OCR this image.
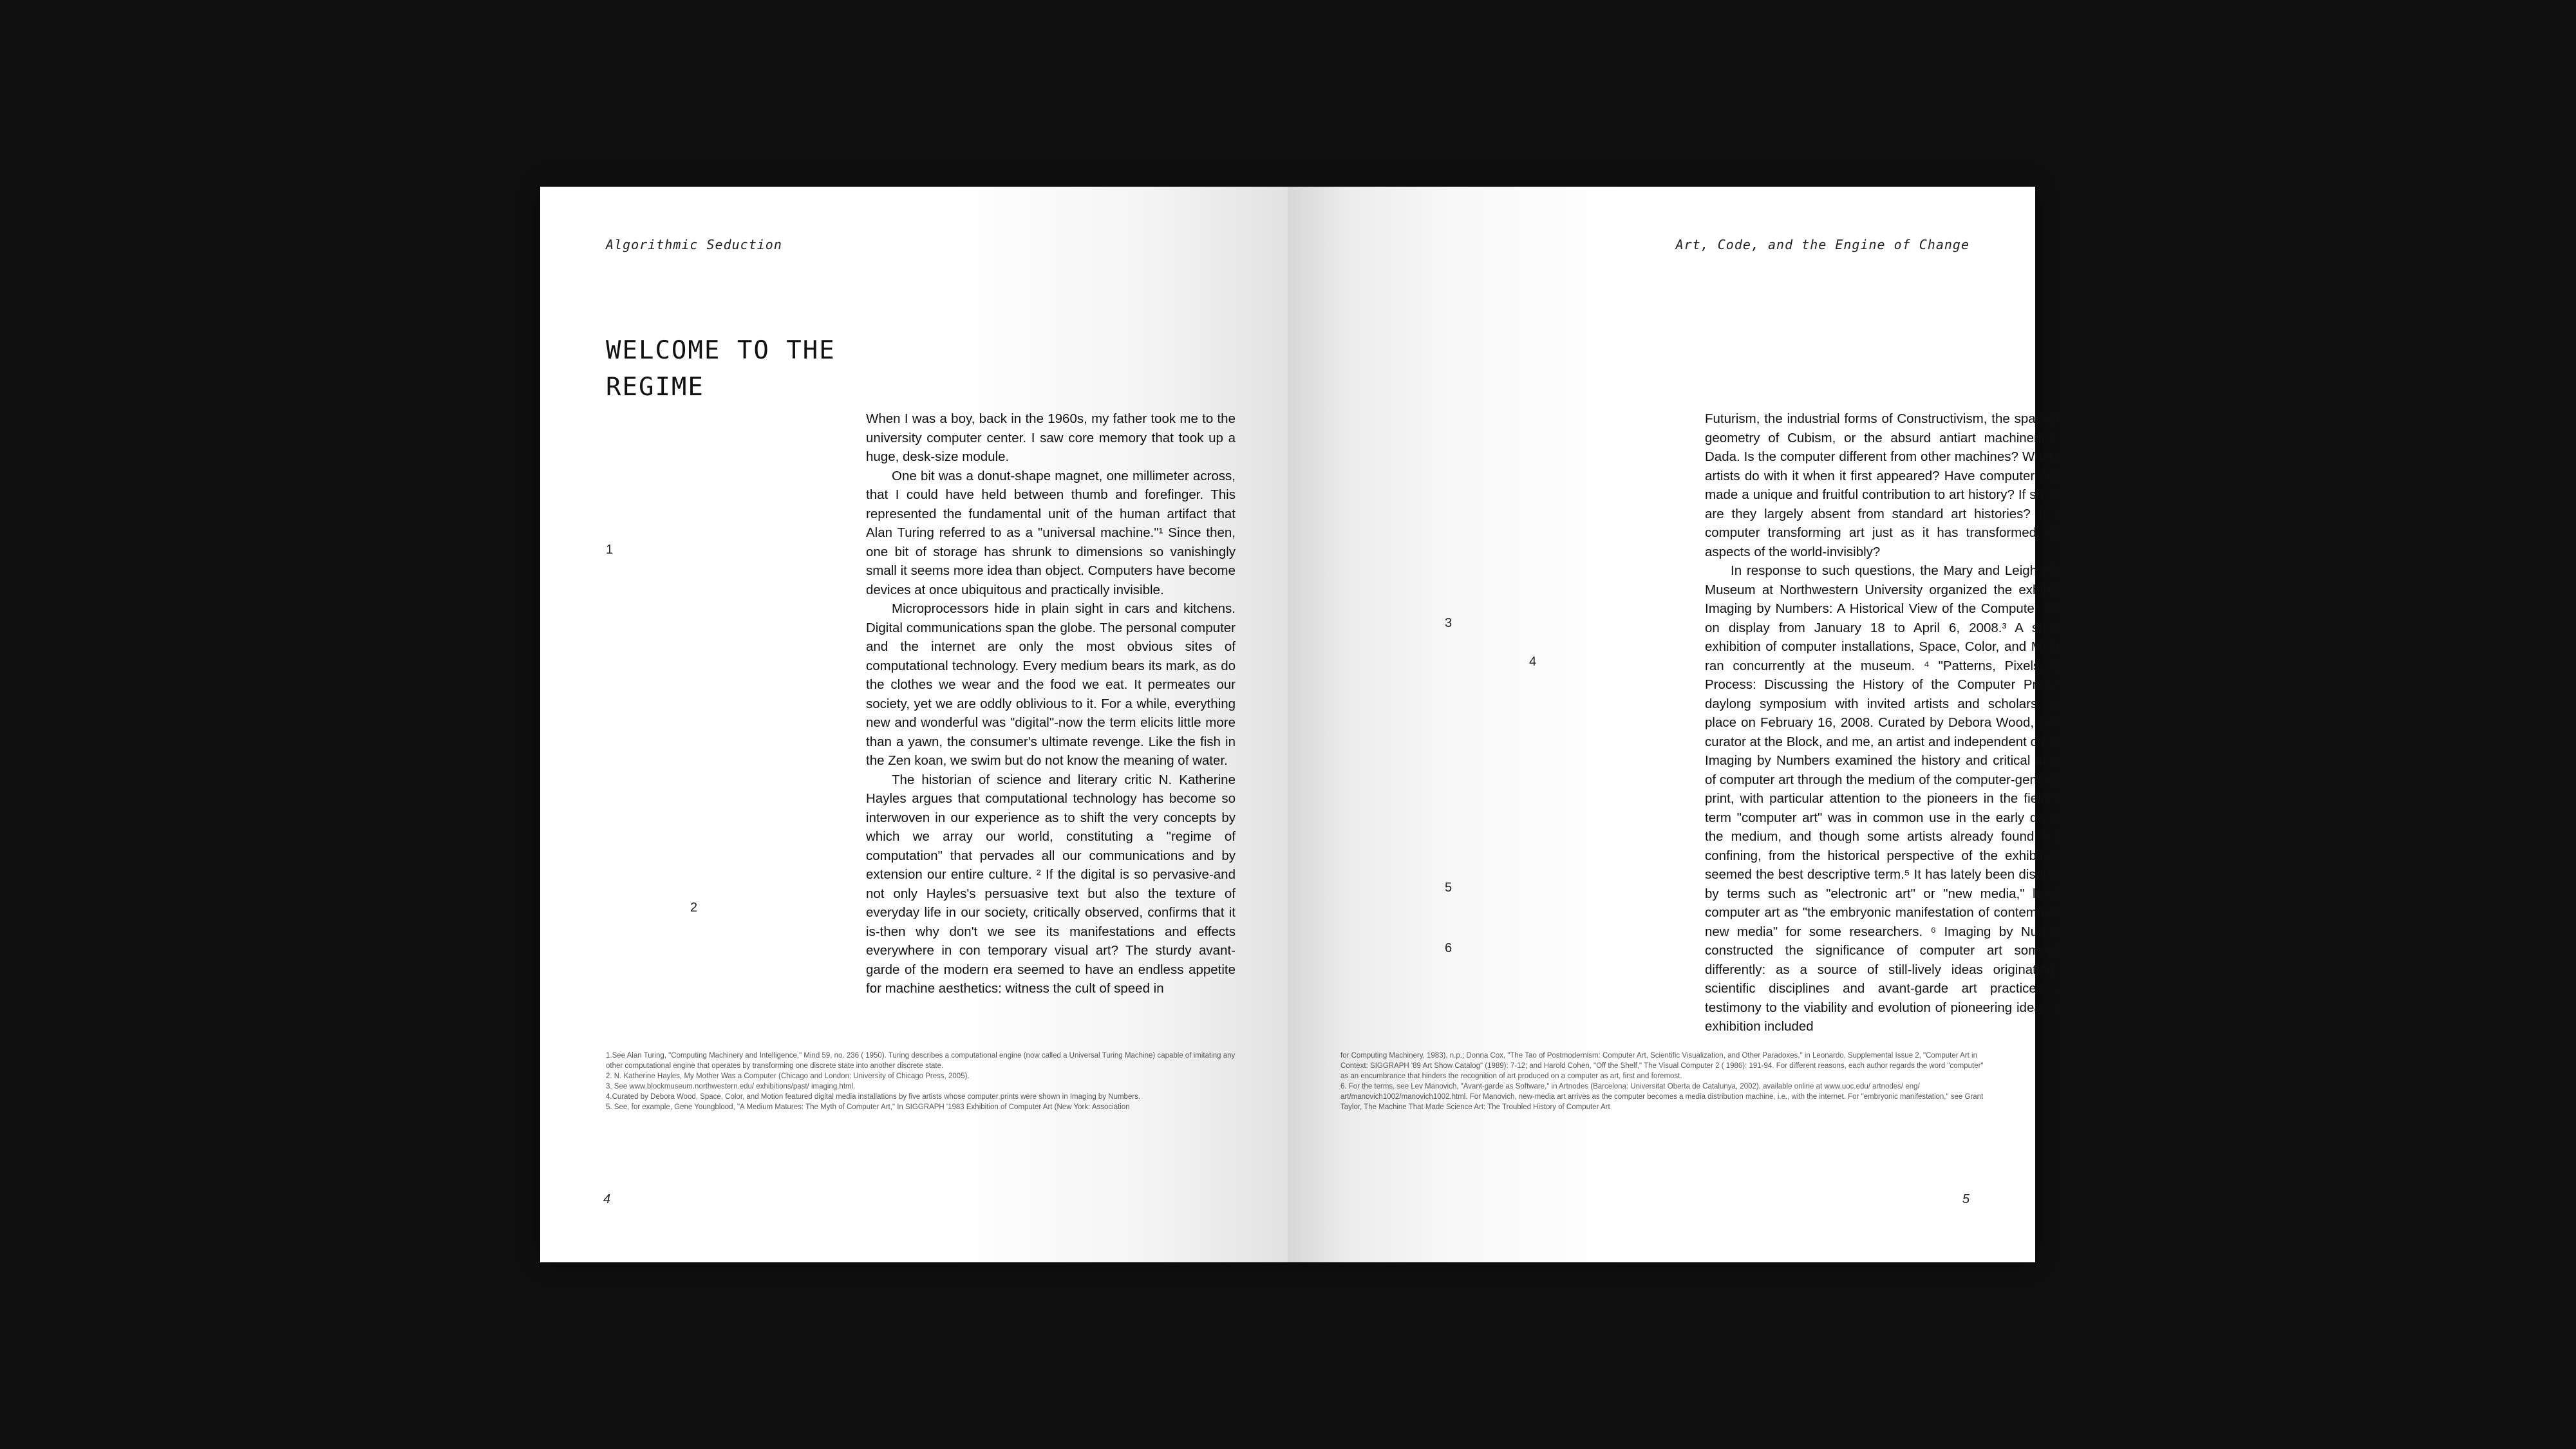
Algorithmic Seduction
WELCOME TO THE
REGIME
1
2

When I was a boy, back in the 1960s, my father took me to the university computer center. I saw core memory that took up a huge, desk-size module.

One bit was a donut-shape magnet, one millimeter across, that I could have held between thumb and forefinger. This represented the fundamental unit of the human artifact that Alan Turing referred to as a "universal machine."¹ Since then, one bit of storage has shrunk to dimensions so vanishingly small it seems more idea than object. Computers have become devices at once ubiquitous and practically invisible.

Microprocessors hide in plain sight in cars and kitchens. Digital communications span the globe. The personal computer and the internet are only the most obvious sites of computational technology. Every medium bears its mark, as do the clothes we wear and the food we eat. It permeates our society, yet we are oddly oblivious to it. For a while, everything new and wonderful was "digital"-now the term elicits little more than a yawn, the consumer's ultimate revenge. Like the fish in the Zen koan, we swim but do not know the meaning of water.

The historian of science and literary critic N. Katherine Hayles argues that computational technology has become so interwoven in our experience as to shift the very concepts by which we array our world, constituting a "regime of computation" that pervades all our communications and by extension our entire culture. ² If the digital is so pervasive-and not only Hayles's persuasive text but also the texture of everyday life in our society, critically observed, confirms that it is-then why don't we see its manifestations and effects everywhere in con temporary visual art? The sturdy avant-garde of the modern era seemed to have an endless appetite for machine aesthetics: witness the cult of speed in

1.See Alan Turing, "Computing Machinery and Intelligence," Mind 59, no. 236 ( 1950). Turing describes a computational engine (now called a Universal Turing Machine) capable of imitating any other computational engine that operates by transforming one discrete state into another discrete state.
2. N. Katherine Hayles, My Mother Was a Computer (Chicago and London: University of Chicago Press, 2005).
3. See www.blockmuseum.northwestern.edu/ exhibitions/past/ imaging.html.
4.Curated by Debora Wood, Space, Color, and Motion featured digital media installations by five artists whose computer prints were shown in Imaging by Numbers.
5. See, for example, Gene Youngblood, "A Medium Matures: The Myth of Computer Art," In SIGGRAPH '1983 Exhibition of Computer Art (New York: Association
4
Art, Code, and the Engine of Change
3
4
5
6

Futurism, the industrial forms of Constructivism, the spacetime geometry of Cubism, or the absurd antiart machineries of Dada. Is the computer different from other machines? What did artists do with it when it first appeared? Have computer artists made a unique and fruitful contribution to art history? If so, why are they largely absent from standard art histories? Is the computer transforming art just as it has transformed other aspects of the world-invisibly?

In response to such questions, the Mary and Leigh Block Museum at Northwestern University organized the exhibition Imaging by Numbers: A Historical View of the Computer Print, on display from January 18 to April 6, 2008.³ A smaller exhibition of computer installations, Space, Color, and Motion, ran concurrently at the museum. ⁴ "Patterns, Pixels, and Process: Discussing the History of the Computer Print," a daylong symposium with invited artists and scholars, took place on February 16, 2008. Curated by Debora Wood, senior curator at the Block, and me, an artist and independent curator, Imaging by Numbers examined the history and critical impact of computer art through the medium of the computer-generated print, with particular attention to the pioneers in the field.The term "computer art" was in common use in the early days of the medium, and though some artists already found it too confining, from the historical perspective of the exhibition it seemed the best descriptive term.⁵ It has lately been displaced by terms such as "electronic art" or "new media," leaving computer art as "the embryonic manifestation of contemporary new media" for some researchers. ⁶ Imaging by Numbers constructed the significance of computer art somewhat differently: as a source of still-lively ideas originating in scientific disciplines and avant-garde art practices. As testimony to the viability and evolution of pioneering ideas, the exhibition included

for Computing Machinery, 1983), n.p.; Donna Cox, "The Tao of Postmodernism: Computer Art, Scientific Visualization, and Other Paradoxes," in Leonardo, Supplemental Issue 2, "Computer Art in Context: SIGGRAPH '89 Art Show Catalog" (1989): 7-12; and Harold Cohen, "Off the Shelf," The Visual Computer 2 ( 1986): 191-94. For different reasons, each author regards the word "computer" as an encumbrance that hinders the recognition of art produced on a computer as art, first and foremost.
6. For the terms, see Lev Manovich, "Avant-garde as Software," in Artnodes (Barcelona: Universitat Oberta de Catalunya, 2002), available online at www.uoc.edu/ artnodes/ eng/ art/manovich1002/manovich1002.html. For Manovich, new-media art arrives as the computer becomes a media distribution machine, i.e., with the internet. For "embryonic manifestation," see Grant Taylor, The Machine That Made Science Art: The Troubled History of Computer Art
5
